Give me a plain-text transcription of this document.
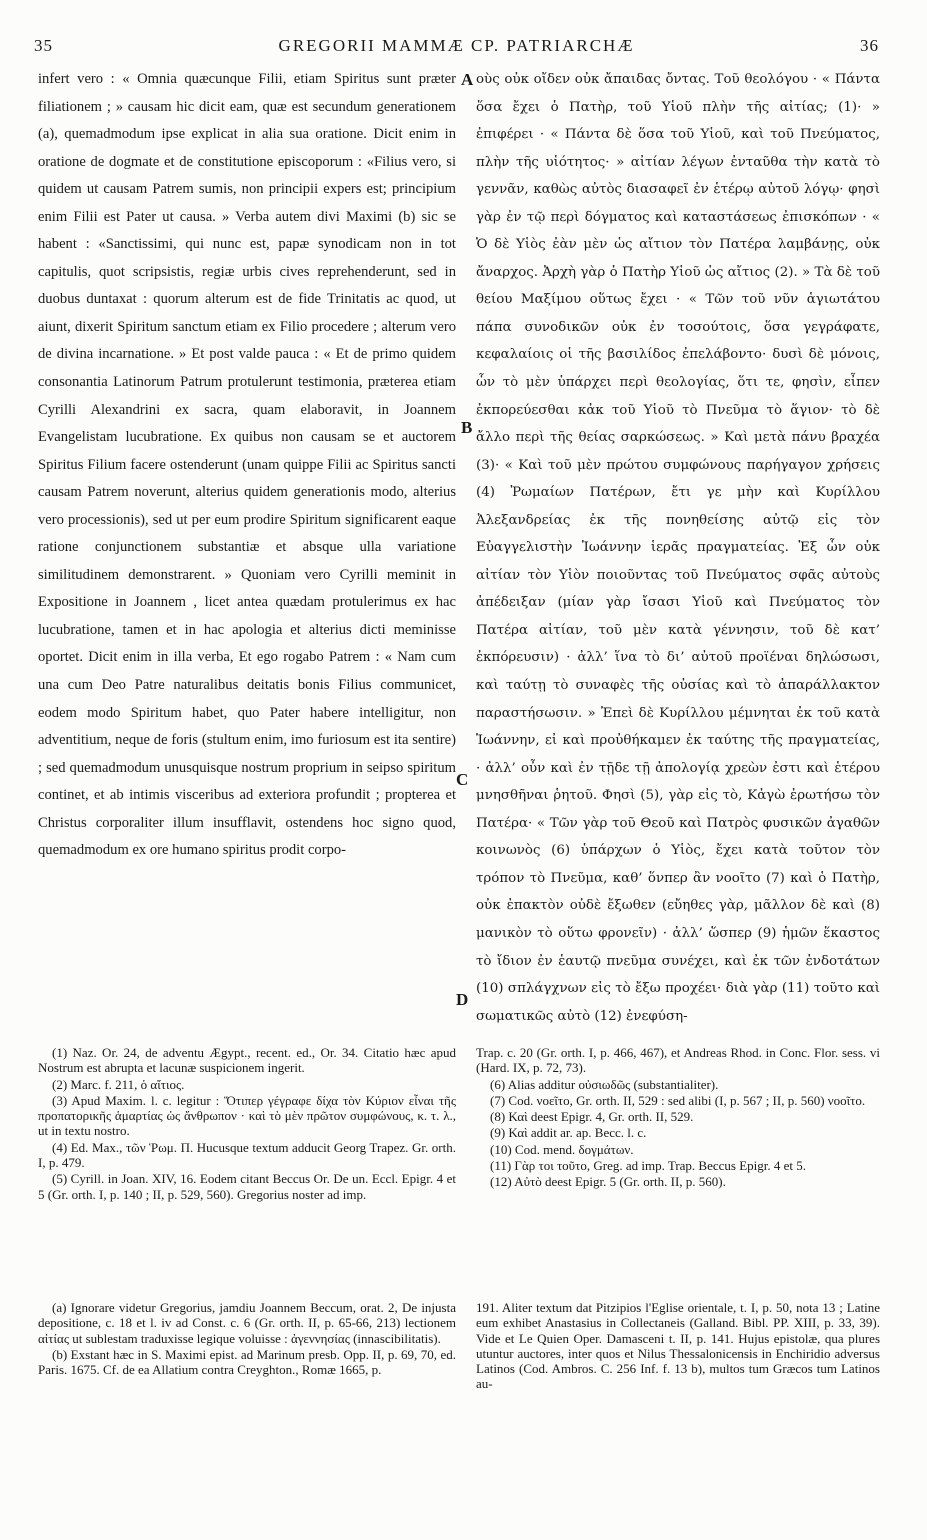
35	GREGORII MAMMÆ CP. PATRIARCHÆ	36
infert vero : « Omnia quæcunque Filii, etiam Spiritus sunt præter filiationem ; » causam hic dicit eam, quæ est secundum generationem (a), quemadmodum ipse explicat in alia sua oratione. Dicit enim in oratione de dogmate et de constitutione episcoporum : «Filius vero, si quidem ut causam Patrem sumis, non principii expers est; principium enim Filii est Pater ut causa. » Verba autem divi Maximi (b) sic se habent : «Sanctissimi, qui nunc est, papæ synodicam non in tot capitulis, quot scripsistis, regiæ urbis cives reprehenderunt, sed in duobus duntaxat : quorum alterum est de fide Trinitatis ac quod, ut aiunt, dixerit Spiritum sanctum etiam ex Filio procedere ; alterum vero de divina incarnatione. » Et post valde pauca : « Et de primo quidem consonantia Latinorum Patrum protulerunt testimonia, præterea etiam Cyrilli Alexandrini ex sacra, quam elaboravit, in Joannem Evangelistam lucubratione. Ex quibus non causam se et auctorem Spiritus Filium facere ostenderunt (unam quippe Filii ac Spiritus sancti causam Patrem noverunt, alterius quidem generationis modo, alterius vero processionis), sed ut per eum prodire Spiritum significarent eaque ratione conjunctionem substantiæ et absque ulla variatione similitudinem demonstrarent. » Quoniam vero Cyrilli meminit in Expositione in Joannem , licet antea quædam protulerimus ex hac lucubratione, tamen et in hac apologia et alterius dicti meminisse oportet. Dicit enim in illa verba, Et ego rogabo Patrem : « Nam cum una cum Deo Patre naturalibus deitatis bonis Filius communicet, eodem modo Spiritum habet, quo Pater habere intelligitur, non adventitium, neque de foris (stultum enim, imo furiosum est ita sentire) ; sed quemadmodum unusquisque nostrum proprium in seipso spiritum continet, et ab intimis visceribus ad exteriora profundit ; propterea et Christus corporaliter illum insufflavit, ostendens hoc signo quod, quemadmodum ex ore humano spiritus prodit corpo-
A
B
C
D
οὺς οὐκ οἴδεν οὐκ ἄπαιδας ὄντας. Τοῦ θεολόγου · « Πάντα ὅσα ἔχει ὁ Πατὴρ, τοῦ Υἱοῦ πλὴν τῆς αἰτίας; (1)· » ἐπιφέρει · « Πάντα δὲ ὅσα τοῦ Υἱοῦ, καὶ τοῦ Πνεύματος, πλὴν τῆς υἱότητος· » αἰτίαν λέγων ἐνταῦθα τὴν κατὰ τὸ γεννᾶν, καθὼς αὐτὸς διασαφεῖ ἐν ἑτέρῳ αὐτοῦ λόγῳ· φησὶ γὰρ ἐν τῷ περὶ δόγματος καὶ καταστάσεως ἐπισκόπων · « Ὁ δὲ Υἱὸς ἐὰν μὲν ὡς αἴτιον τὸν Πατέρα λαμβάνῃς, οὐκ ἄναρχος. Ἀρχὴ γὰρ ὁ Πατὴρ Υἱοῦ ὡς αἴτιος (2). » Τὰ δὲ τοῦ θείου Μαξίμου οὕτως ἔχει · « Τῶν τοῦ νῦν ἁγιωτάτου πάπα συνοδικῶν οὐκ ἐν τοσούτοις, ὅσα γεγράφατε, κεφαλαίοις οἱ τῆς βασιλίδος ἐπελάβοντο· δυσὶ δὲ μόνοις, ὧν τὸ μὲν ὑπάρχει περὶ θεολογίας, ὅτι τε, φησὶν, εἶπεν ἐκπορεύεσθαι κἀκ τοῦ Υἱοῦ τὸ Πνεῦμα τὸ ἅγιον· τὸ δὲ ἄλλο περὶ τῆς θείας σαρκώσεως. » Καὶ μετὰ πάνυ βραχέα (3)· « Καὶ τοῦ μὲν πρώτου συμφώνους παρήγαγον χρήσεις (4) Ῥωμαίων Πατέρων, ἔτι γε μὴν καὶ Κυρίλλου Ἀλεξανδρείας ἐκ τῆς πονηθείσης αὐτῷ εἰς τὸν Εὐαγγελιστὴν Ἰωάννην ἱερᾶς πραγματείας. Ἐξ ὧν οὐκ αἰτίαν τὸν Υἱὸν ποιοῦντας τοῦ Πνεύματος σφᾶς αὐτοὺς ἀπέδειξαν (μίαν γὰρ ἴσασι Υἱοῦ καὶ Πνεύματος τὸν Πατέρα αἰτίαν, τοῦ μὲν κατὰ γέννησιν, τοῦ δὲ κατ’ ἐκπόρευσιν) · ἀλλ’ ἵνα τὸ δι’ αὐτοῦ προϊέναι δηλώσωσι, καὶ ταύτῃ τὸ συναφὲς τῆς οὐσίας καὶ τὸ ἀπαράλλακτον παραστήσωσιν. » Ἐπεὶ δὲ Κυρίλλου μέμνηται ἐκ τοῦ κατὰ Ἰωάννην, εἰ καὶ προὐθήκαμεν ἐκ ταύτης τῆς πραγματείας, · ἀλλ’ οὖν καὶ ἐν τῇδε τῇ ἀπολογίᾳ χρεὼν ἐστι καὶ ἑτέρου μνησθῆναι ῥητοῦ. Φησὶ (5), γὰρ εἰς τὸ, Κἀγὼ ἐρωτήσω τὸν Πατέρα· « Τῶν γὰρ τοῦ Θεοῦ καὶ Πατρὸς φυσικῶν ἀγαθῶν κοινωνὸς (6) ὑπάρχων ὁ Υἱὸς, ἔχει κατὰ τοῦτον τὸν τρόπον τὸ Πνεῦμα, καθ’ ὅνπερ ἂν νοοῖτο (7) καὶ ὁ Πατὴρ, οὐκ ἐπακτὸν οὐδὲ ἔξωθεν (εὔηθες γὰρ, μᾶλλον δὲ καὶ (8) μανικὸν τὸ οὕτω φρονεῖν) · ἀλλ’ ὥσπερ (9) ἡμῶν ἕκαστος τὸ ἴδιον ἐν ἑαυτῷ πνεῦμα συνέχει, καὶ ἐκ τῶν ἐνδοτάτων (10) σπλάγχνων εἰς τὸ ἔξω προχέει· διὰ γὰρ (11) τοῦτο καὶ σωματικῶς αὐτὸ (12) ἐνεφύση-
(1) Naz. Or. 24, de adventu Ægypt., recent. ed., Or. 34. Citatio hæc apud Nostrum est abrupta et lacunæ suspicionem ingerit.
(2) Marc. f. 211, ὁ αἴτιος.
(3) Apud Maxim. l. c. legitur : Ὅτιπερ γέγραφε δίχα τὸν Κύριον εἶναι τῆς προπατορικῆς ἁμαρτίας ὡς ἄνθρωπον · καὶ τὸ μὲν πρῶτον συμφώνους, κ. τ. λ., ut in textu nostro.
(4) Ed. Max., τῶν Ῥωμ. Π. Hucusque textum adducit Georg Trapez. Gr. orth. I, p. 479.
(5) Cyrill. in Joan. XIV, 16. Eodem citant Beccus Or. De un. Eccl. Epigr. 4 et 5 (Gr. orth. I, p. 140 ; II, p. 529, 560). Gregorius noster ad imp.
Trap. c. 20 (Gr. orth. I, p. 466, 467), et Andreas Rhod. in Conc. Flor. sess. vi (Hard. IX, p. 72, 73).
(6) Alias additur οὐσιωδῶς (substantialiter).
(7) Cod. νοεῖτο, Gr. orth. II, 529 : sed alibi (I, p. 567 ; II, p. 560) νοοῖτο.
(8) Καὶ deest Epigr. 4, Gr. orth. II, 529.
(9) Καὶ addit ar. ap. Becc. l. c.
(10) Cod. mend. δογμάτων.
(11) Γὰρ τοι τοῦτο, Greg. ad imp. Trap. Beccus Epigr. 4 et 5.
(12) Αὐτὸ deest Epigr. 5 (Gr. orth. II, p. 560).
(a) Ignorare videtur Gregorius, jamdiu Joannem Beccum, orat. 2, De injusta depositione, c. 18 et l. iv ad Const. c. 6 (Gr. orth. II, p. 65-66, 213) lectionem αἰτίας ut sublestam traduxisse legique voluisse : ἀγεννησίας (innascibilitatis).
(b) Exstant hæc in S. Maximi epist. ad Marinum presb. Opp. II, p. 69, 70, ed. Paris. 1675. Cf. de ea Allatium contra Creyghton., Romæ 1665, p.
191. Aliter textum dat Pitzipios l'Eglise orientale, t. I, p. 50, nota 13 ; Latine eum exhibet Anastasius in Collectaneis (Galland. Bibl. PP. XIII, p. 33, 39). Vide et Le Quien Oper. Damasceni t. II, p. 141. Hujus epistolæ, qua plures utuntur auctores, inter quos et Nilus Thessalonicensis in Enchiridio adversus Latinos (Cod. Ambros. C. 256 Inf. f. 13 b), multos tum Græcos tum Latinos au-
